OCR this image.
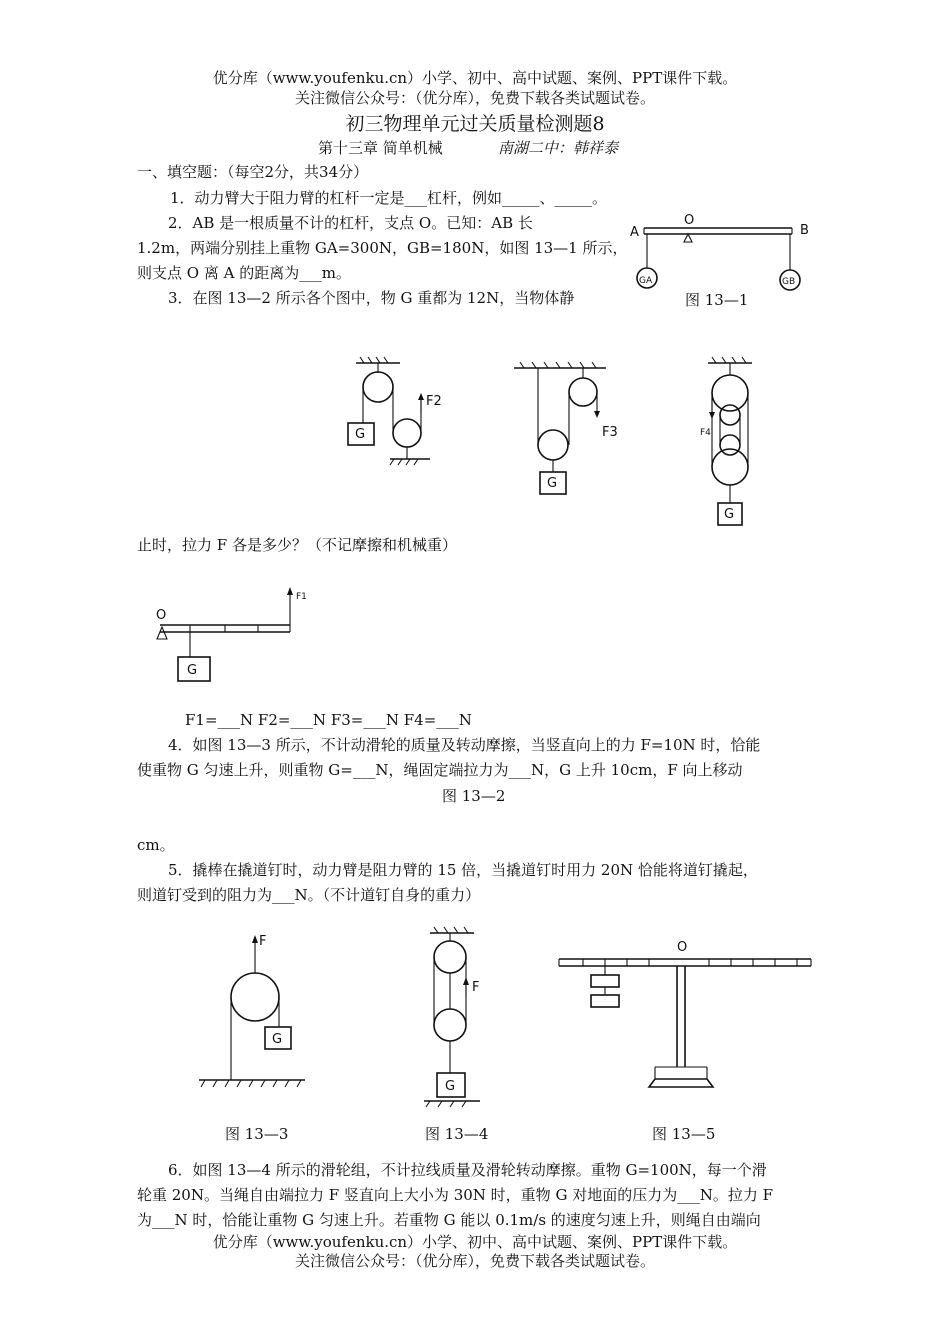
优分库（www.youfenku.cn）小学、初中、高中试题、案例、PPT课件下载。
关注微信公众号：（优分库），免费下载各类试题试卷。
初三物理单元过关质量检测题8
第十三章 简单机械	南湖二中：韩祥泰
一、填空题：（每空2分，共34分）
1．动力臂大于阻力臂的杠杆一定是___杠杆，例如_____、_____。
2．AB 是一根质量不计的杠杆，支点 O。已知：AB 长
1.2m，两端分别挂上重物 GA=300N，GB=180N，如图 13—1 所示，
则支点 O 离 A 的距离为___m。
A
O
B
GA	GB
图 13—1
3．在图 13—2 所示各个图中，物 G 重都为 12N，当物体静
G
F2
G
F3
G
F4
止时，拉力 F 各是多少？（不记摩擦和机械重）
O
G
F1
F1=___N F2=___N F3=___N F4=___N
4．如图 13—3 所示，不计动滑轮的质量及转动摩擦，当竖直向上的力 F=10N 时，恰能
使重物 G 匀速上升，则重物 G=___N，绳固定端拉力为___N，G 上升 10cm，F 向上移动
图 13—2
cm。
5．撬棒在撬道钉时，动力臂是阻力臂的 15 倍，当撬道钉时用力 20N 恰能将道钉撬起，
则道钉受到的阻力为___N。（不计道钉自身的重力）
F
G
图 13—3
G
F
图 13—4
O
图 13—5
6．如图 13—4 所示的滑轮组，不计拉线质量及滑轮转动摩擦。重物 G=100N，每一个滑
轮重 20N。当绳自由端拉力 F 竖直向上大小为 30N 时，重物 G 对地面的压力为___N。拉力 F
为___N 时，恰能让重物 G 匀速上升。若重物 G 能以 0.1m/s 的速度匀速上升，则绳自由端向
优分库（www.youfenku.cn）小学、初中、高中试题、案例、PPT课件下载。
关注微信公众号：（优分库），免费下载各类试题试卷。
